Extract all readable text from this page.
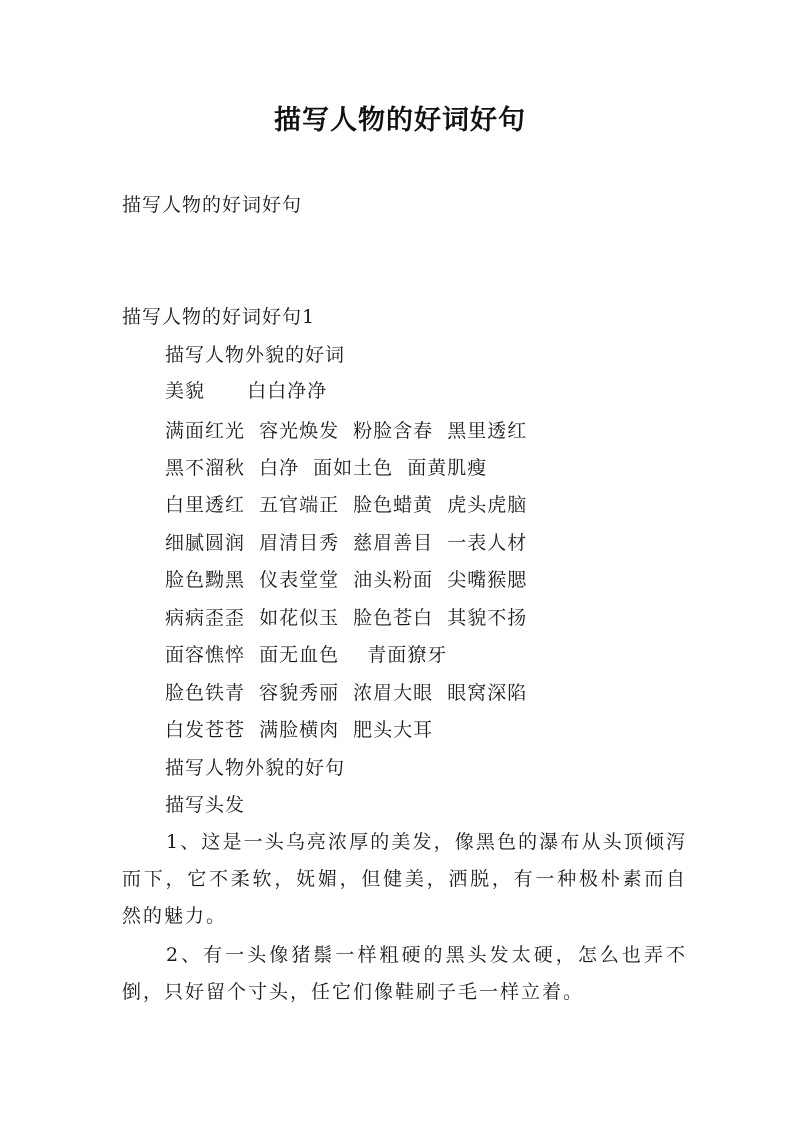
描写人物的好词好句
描写人物的好词好句
描写人物的好词好句1
描写人物外貌的好词
美貌      白白净净
满面红光  容光焕发  粉脸含春  黑里透红
黑不溜秋  白净  面如土色  面黄肌瘦
白里透红  五官端正  脸色蜡黄  虎头虎脑
细腻圆润  眉清目秀  慈眉善目  一表人材
脸色黝黑  仪表堂堂  油头粉面  尖嘴猴腮
病病歪歪  如花似玉  脸色苍白  其貌不扬
面容憔悴  面无血色    青面獠牙
脸色铁青  容貌秀丽  浓眉大眼  眼窝深陷
白发苍苍  满脸横肉  肥头大耳
描写人物外貌的好句
描写头发
1、这是一头乌亮浓厚的美发，像黑色的瀑布从头顶倾泻而下，它不柔软，妩媚，但健美，洒脱，有一种极朴素而自然的魅力。
2、有一头像猪鬃一样粗硬的黑头发太硬，怎么也弄不倒，只好留个寸头，任它们像鞋刷子毛一样立着。
